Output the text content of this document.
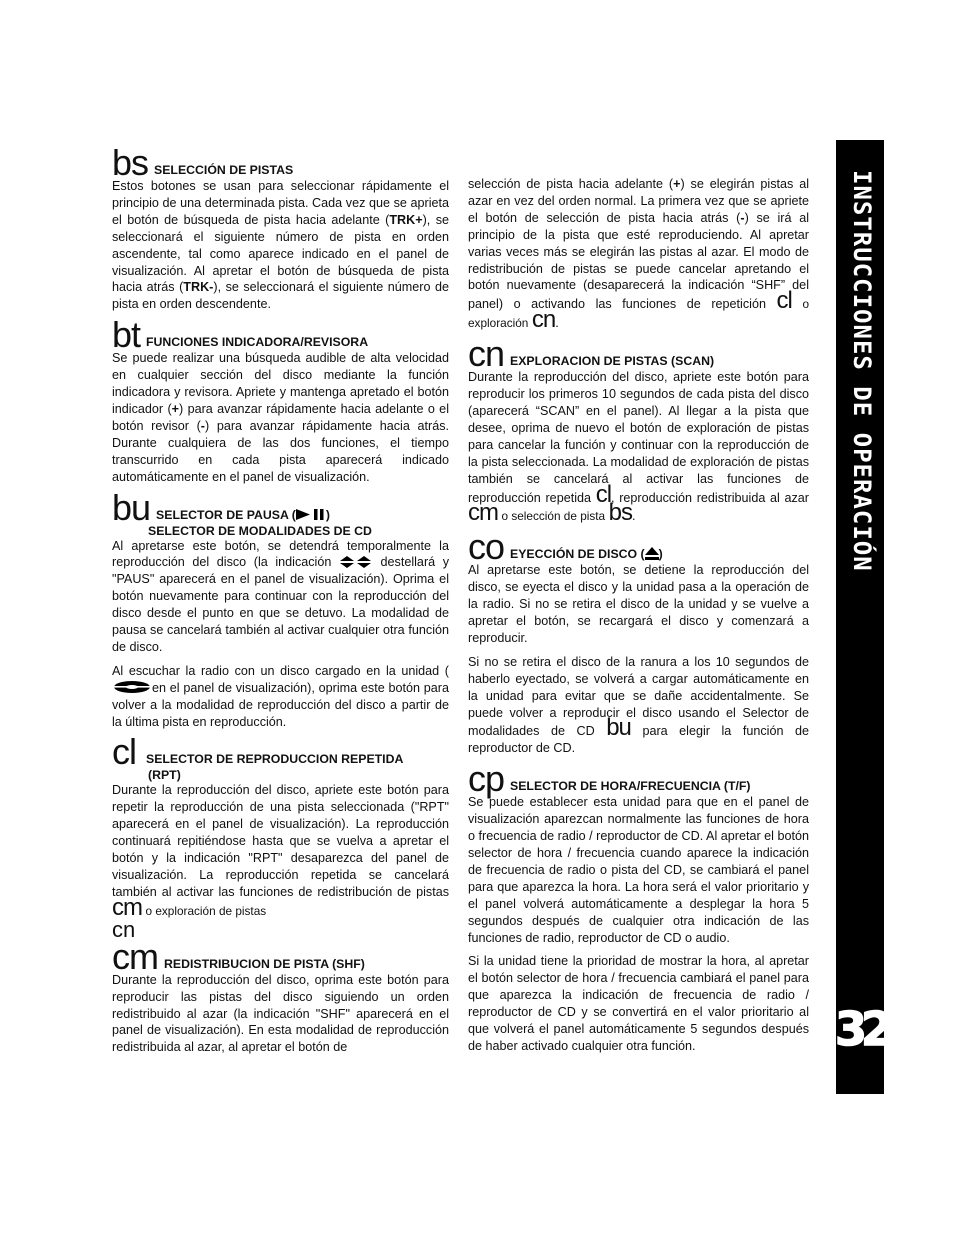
bs SELECCIÓN DE PISTAS

Estos botones se usan para seleccionar rápidamente el principio de una determinada pista. Cada vez que se aprieta el botón de búsqueda de pista hacia adelante (TRK+), se seleccionará el siguiente número de pista en orden ascendente, tal como aparece indicado en el panel de visualización. Al apretar el botón de búsqueda de pista hacia atrás (TRK-), se seleccionará el siguiente número de pista en orden descendente.

bt FUNCIONES INDICADORA/REVISORA

Se puede realizar una búsqueda audible de alta velocidad en cualquier sección del disco mediante la función indicadora y revisora. Apriete y mantenga apretado el botón indicador (+) para avanzar rápidamente hacia adelante o el botón revisor (-) para avanzar rápidamente hacia atrás. Durante cualquiera de las dos funciones, el tiempo transcurrido en cada pista aparecerá indicado automáticamente en el panel de visualización.

bu SELECTOR DE PAUSA ( )
SELECTOR DE MODALIDADES DE CD

Al apretarse este botón, se detendrá temporalmente la reproducción del disco (la indicación	destellará y "PAUS" aparecerá en el panel de visualización). Oprima el botón nuevamente para continuar con la reproducción del disco desde el punto en que se detuvo. La modalidad de pausa se cancelará también al activar cualquier otra función de disco.

Al escuchar la radio con un disco cargado en la unidad (en el panel de visualización), oprima este botón para volver a la modalidad de reproducción del disco a partir de la última pista en reproducción.

cl SELECTOR DE REPRODUCCION REPETIDA
(RPT)

Durante la reproducción del disco, apriete este botón para repetir la reproducción de una pista seleccionada ("RPT" aparecerá en el panel de visualización). La reproducción continuará repitiéndose hasta que se vuelva a apretar el botón y la indicación "RPT" desaparezca del panel de visualización. La reproducción repetida se cancelará también al activar las funciones de redistribución de pistas cm o exploración de pistas

cn
cm REDISTRIBUCION DE PISTA (SHF)

Durante la reproducción del disco, oprima este botón para reproducir las pistas del disco siguiendo un orden redistribuido al azar (la indicación "SHF" aparecerá en el panel de visualización). En esta modalidad de reproducción redistribuida al azar, al apretar el botón de

selección de pista hacia adelante (+) se elegirán pistas al azar en vez del orden normal. La primera vez que se apriete el botón de selección de pista hacia atrás (-) se irá al principio de la pista que esté reproduciendo. Al apretar varias veces más se elegirán las pistas al azar. El modo de redistribución de pistas se puede cancelar apretando el botón nuevamente (desaparecerá la indicación “SHF” del panel) o activando las funciones de repetición cl o exploración cn.

cn EXPLORACION DE PISTAS (SCAN)

Durante la reproducción del disco, apriete este botón para reproducir los primeros 10 segundos de cada pista del disco (aparecerá “SCAN” en el panel). Al llegar a la pista que desee, oprima de nuevo el botón de exploración de pistas para cancelar la función y continuar con la reproducción de la pista seleccionada. La modalidad de exploración de pistas también se cancelará al activar las funciones de reproducción repetida cl, reproducción redistribuida al azar cm o selección de pista bs.

co EYECCIÓN DE DISCO ( )

Al apretarse este botón, se detiene la reproducción del disco, se eyecta el disco y la unidad pasa a la operación de la radio. Si no se retira el disco de la unidad y se vuelve a apretar el botón, se recargará el disco y comenzará a reproducir.

Si no se retira el disco de la ranura a los 10 segundos de haberlo eyectado, se volverá a cargar automáticamente en la unidad para evitar que se dañe accidentalmente. Se puede volver a reproducir el disco usando el Selector de modalidades de CD bu para elegir la función de reproductor de CD.

cp SELECTOR DE HORA/FRECUENCIA (T/F)

Se puede establecer esta unidad para que en el panel de visualización aparezcan normalmente las funciones de hora o frecuencia de radio / reproductor de CD. Al apretar el botón selector de hora / frecuencia cuando aparece la indicación de frecuencia de radio o pista del CD, se cambiará el panel para que aparezca la hora. La hora será el valor prioritario y el panel volverá automáticamente a desplegar la hora 5 segundos después de cualquier otra indicación de las funciones de radio, reproductor de CD o audio.

Si la unidad tiene la prioridad de mostrar la hora, al apretar el botón selector de hora / frecuencia cambiará el panel para que aparezca la indicación de frecuencia de radio / reproductor de CD y se convertirá en el valor prioritario al que volverá el panel automáticamente 5 segundos después de haber activado cualquier otra función.

INSTRUCCIONES DE OPERACIÓN
32
